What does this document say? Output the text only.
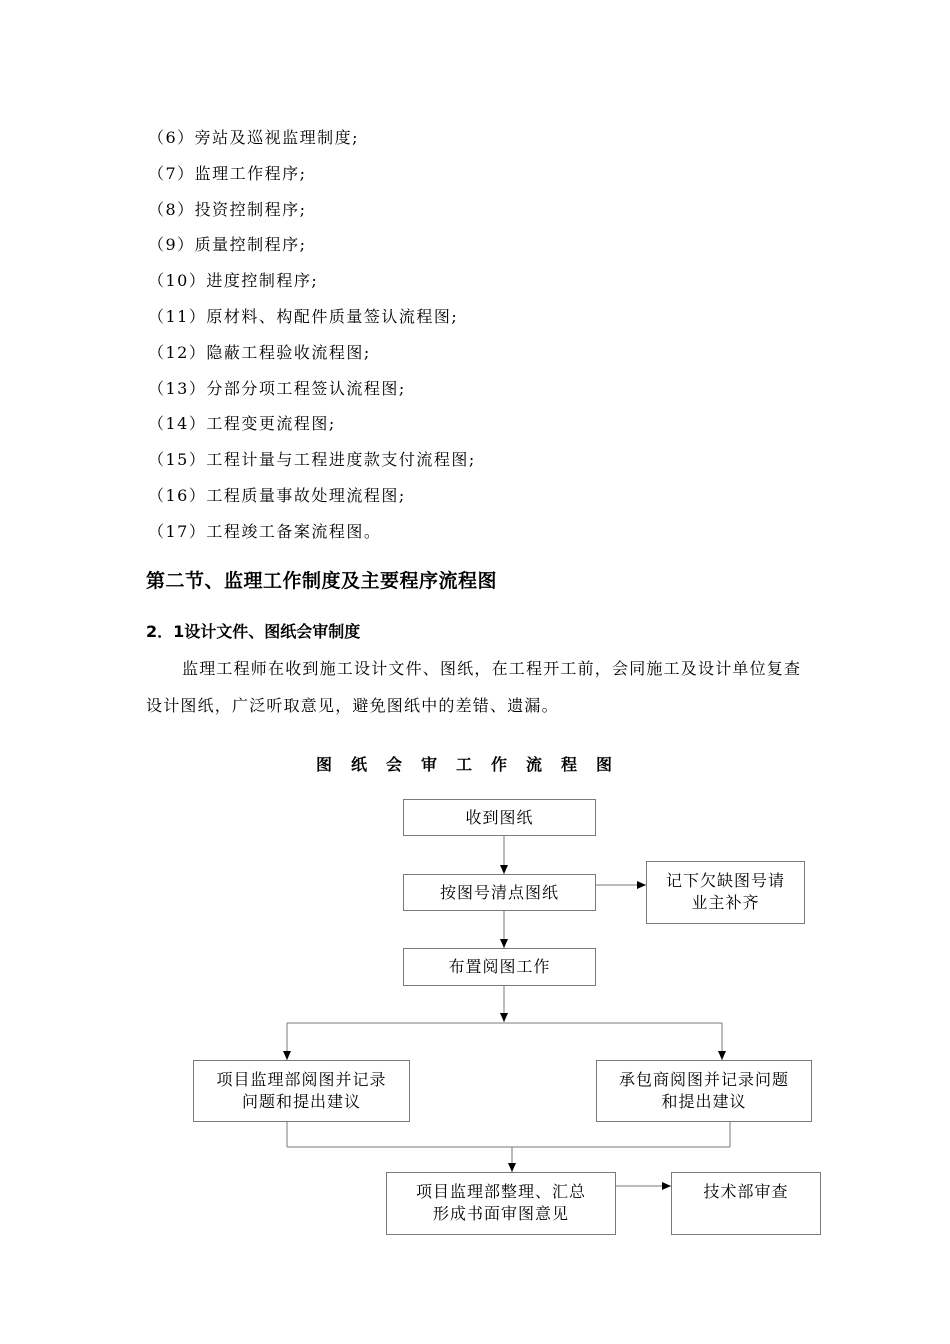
（6）旁站及巡视监理制度;
（7）监理工作程序;
（8）投资控制程序;
（9）质量控制程序;
（10）进度控制程序;
（11）原材料、构配件质量签认流程图;
（12）隐蔽工程验收流程图;
（13）分部分项工程签认流程图;
（14）工程变更流程图;
（15）工程计量与工程进度款支付流程图;
（16）工程质量事故处理流程图;
（17）工程竣工备案流程图。
第二节、监理工作制度及主要程序流程图
2．1设计文件、图纸会审制度

监理工程师在收到施工设计文件、图纸，在工程开工前，会同施工及设计单位复查设计图纸，广泛听取意见，避免图纸中的差错、遗漏。

图纸会审工作流程图
收到图纸
按图号清点图纸
记下欠缺图号请
业主补齐
布置阅图工作
项目监理部阅图并记录
问题和提出建议
承包商阅图并记录问题
和提出建议
项目监理部整理、汇总
形成书面审图意见
技术部审查
